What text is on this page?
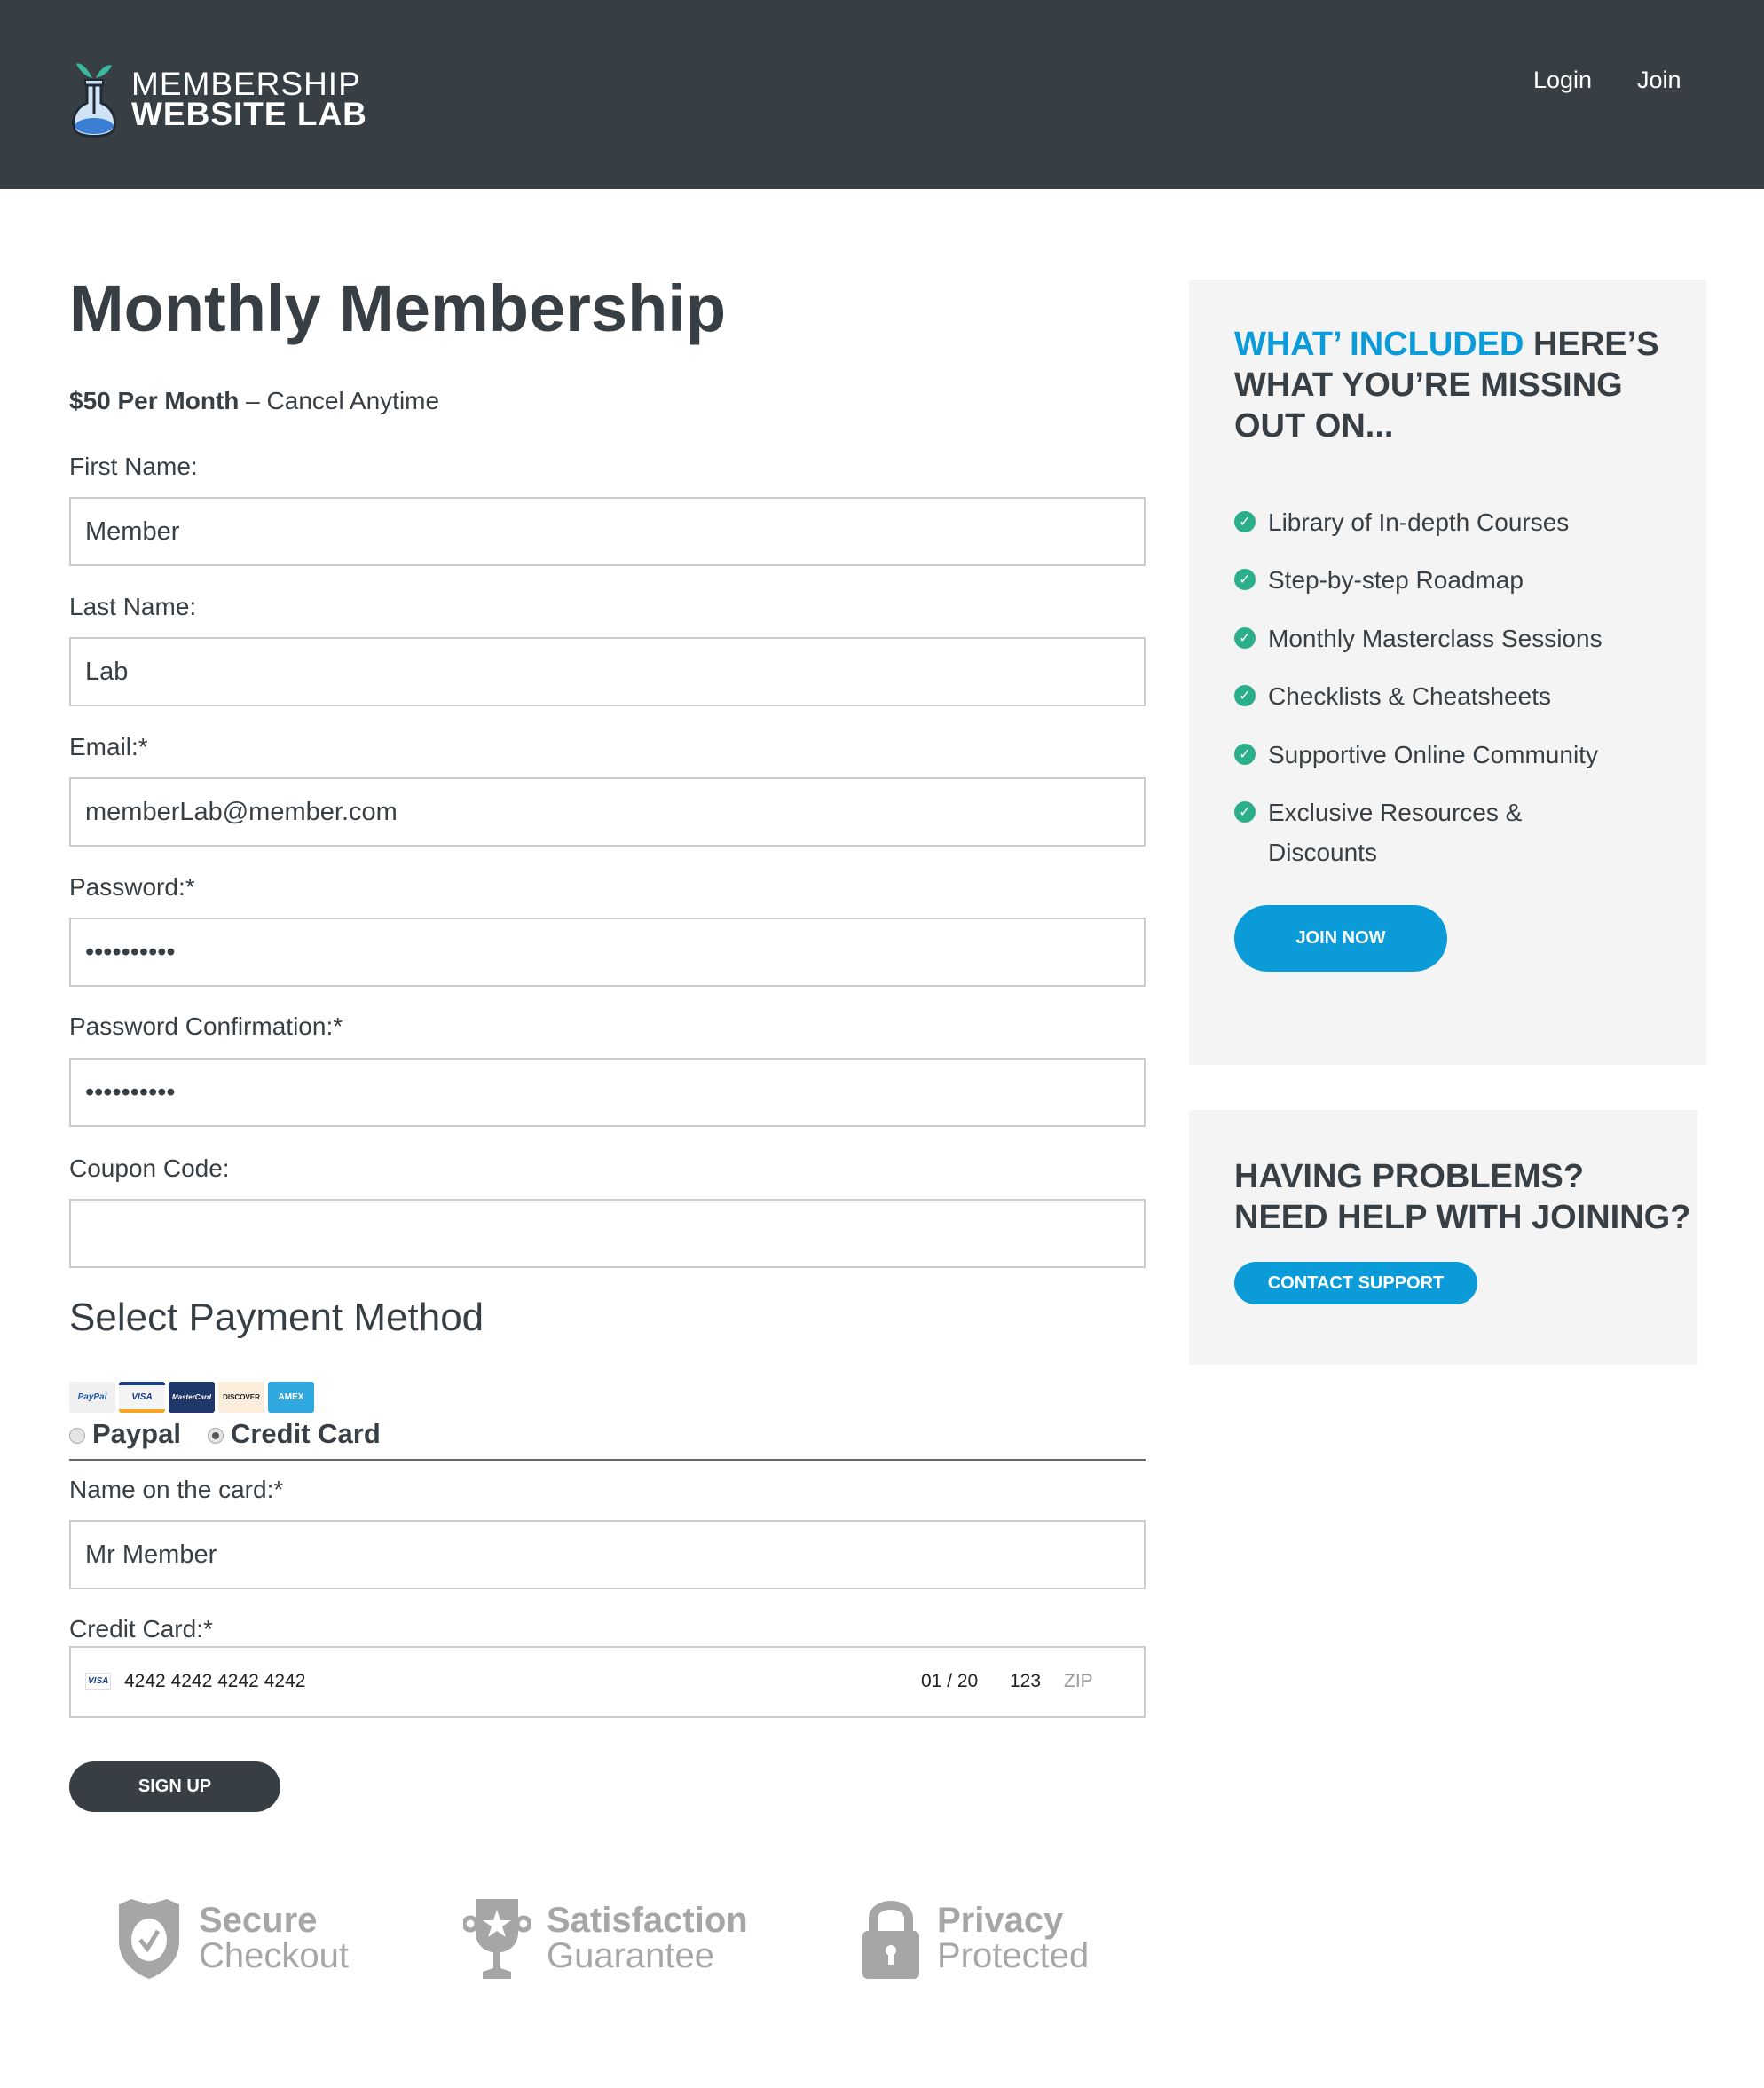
MEMBERSHIP
WEBSITE LAB
Login Join
Monthly Membership
$50 Per Month – Cancel Anytime
First Name:
Member
Last Name:
Lab
Email:*
memberLab@member.com
Password:*
••••••••••
Password Confirmation:*
••••••••••
Coupon Code:
Select Payment Method
PayPal	VISA	MasterCard	DISCOVER	AMEX
Paypal	Credit Card
Name on the card:*
Mr Member
Credit Card:*
VISA 4242 4242 4242 4242	01 / 20 123 ZIP
SIGN UP
Secure
Checkout
Satisfaction
Guarantee
Privacy
Protected
WHAT’ INCLUDED HERE’S WHAT YOU’RE MISSING OUT ON...
✓ Library of In-depth Courses
✓ Step-by-step Roadmap
✓ Monthly Masterclass Sessions
✓ Checklists & Cheatsheets
✓ Supportive Online Community
✓ Exclusive Resources & Discounts
JOIN NOW
HAVING PROBLEMS?
NEED HELP WITH JOINING?
CONTACT SUPPORT
